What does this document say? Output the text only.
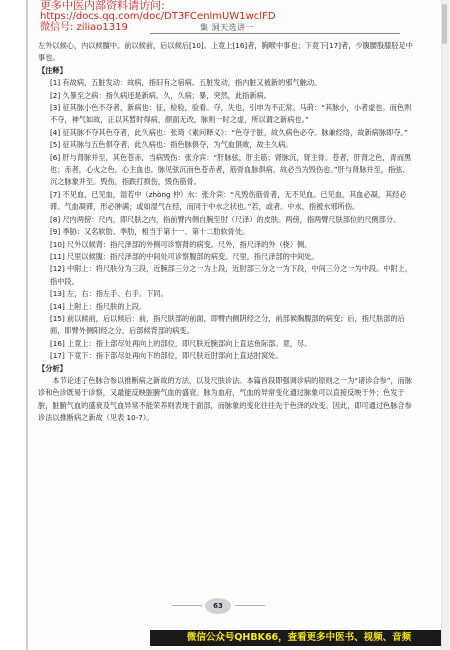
更多中医内部资料请访问:
https://docs.qq.com/doc/DT3FCenlmUW1wclFD
微信号: ziliao1319	集 洞天选讲一

左外以候心，内以候膻中。前以候前，后以候后[10]。上竟上[16]者，胸喉中事也；下竟下[17]者，少腹腰股膝胫足中事也。

【注释】

[1] 有故病，五脏发动：故病，指旧有之宿病。五脏发动，指内脏又被新的邪气触动。

[2] 久暴至之病：指久病还是新病。久，久病；暴，突然，此指新病。

[3] 征其脉小色不夺者，新病也：征，检验，验看。夺，失也，引申为不正常。马莳：“其脉小，小者虚也。而色则不夺，神气如故，正以其暂时得病，颜面无改，脉则一时之虚，所以谓之新病也。”

[4] 征其脉不夺其色夺者，此久病也：张琦《素问释义》：“色夺于脏，故久病色必夺。脉兼经络，故新病脉即夺。”

[5] 征其脉与五色俱夺者，此久病也：指色脉俱夺，为气血俱败，故主久病。

[6] 肝与肾脉并至，其色苍赤，当病毁伤：张介宾：“肝脉弦，肝主筋；肾脉沉，肾主骨。苍者，肝肾之色，青而黑也；赤者，心火之色，心主血也。脉见弦沉而色苍赤者，筋骨血脉俱病，故必当为毁伤也。”肝与肾脉并至，指弦、沉之脉象并至。毁伤，指跌打损伤，毁伤筋骨。

[7] 不见血，已见血，湿若中（zhòng 仲）水：张介宾：“凡毁伤筋骨者，无不见血。已见血，其血必凝，其经必滞。气血凝滞，形必肿满；或如湿气在经，而同于中水之状也。”若，或者。中水，指被水邪所伤。

[8] 尺内两傍：尺内，即尺肤之内，指前臂内侧自腕至肘（尺泽）的皮肤。两傍，指两臂尺肤部位的尺侧部分。

[9] 季胁：又名软肋、季肋，相当于第十一、第十二肋软骨处。

[10] 尺外以候肾：指尺泽部的外侧可诊察肾的病变。尺外，指尺泽的外（桡）侧。

[11] 尺里以候腹：指尺泽部的中间处可诊察腹部的病变。尺里，指尺泽部的中间处。

[12] 中附上：将尺肤分为三段，近腕部三分之一为上段，近肘部三分之一为下段，中间三分之一为中段。中附上，指中段。

[13] 左，右：指左手、右手。下同。

[14] 上附上：指尺肤的上段。

[15] 前以候前，后以候后：前，指尺肤部的前面，即臂内侧阴经之分，前部候胸腹部的病变；后，指尺肤部的后面，即臂外侧阳经之分，后部候背部的病变。

[16] 上竟上：指上部尽处再向上的部位，即尺肤近腕部向上直达鱼际部。竟，尽。

[17] 下竟下：指下部尽处再向下的部位，即尺肤近肘部向上直达肘窝处。

【分析】

本节论述了色脉合参以推断病之新故的方法，以及尺肤诊法。本篇首段即强调诊病的原则之一为“诸诊合参”，而脉诊和色诊既易于诊察，又最能反映脏腑气血的盛衰。脉为血府，气血的异常变化通过脉象可以直接反映于外；色发于脏，脏腑气血的盛衰及气血异常不能荣养则表现于面部，而脉象的变化往往先于色泽的改变。因此，即可通过色脉合参诊法以推断病之新故（见表 10-7）。

63
微信公众号QHBK66，查看更多中医书、视频、音频
